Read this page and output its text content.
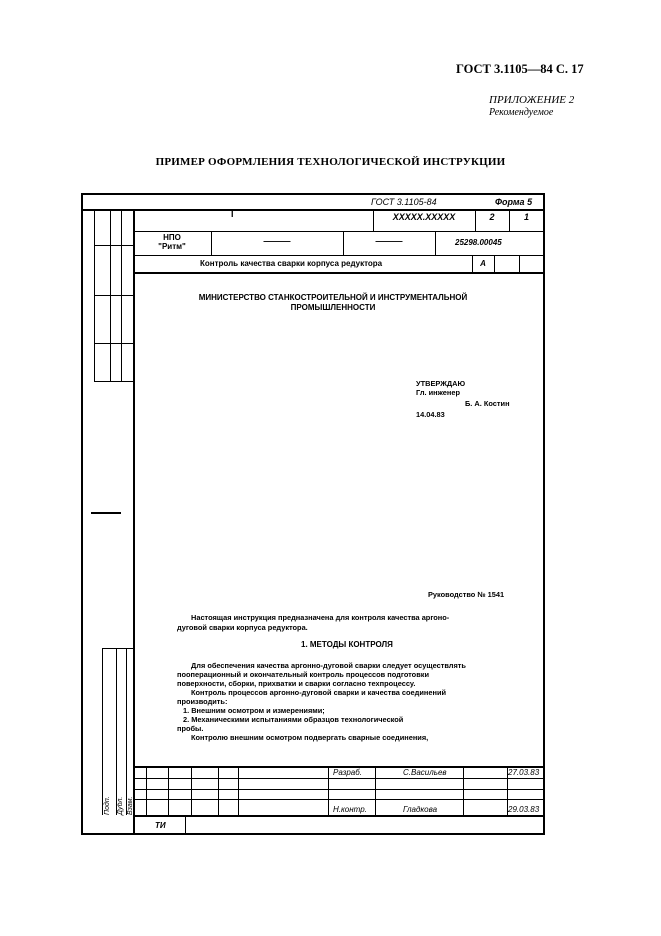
ГОСТ 3.1105—84 С. 17
ПРИЛОЖЕНИЕ 2
Рекомендуемое
ПРИМЕР ОФОРМЛЕНИЯ ТЕХНОЛОГИЧЕСКОЙ ИНСТРУКЦИИ
ГОСТ 3.1105-84	Форма 5
Подп. Дубл. Взам.
I	XXXXX.XXXXX	2	1
НПО
"Ритм"
———	———	25298.00045
Контроль качества сварки корпуса редуктора	А
МИНИСТЕРСТВО СТАНКОСТРОИТЕЛЬНОЙ И ИНСТРУМЕНТАЛЬНОЙ ПРОМЫШЛЕННОСТИ
УТВЕРЖДАЮ
Гл. инженер
Б. А. Костин
14.04.83
Руководство № 1541
Настоящая инструкция предназначена для контроля качества аргоно-
дуговой сварки корпуса редуктора.
1. МЕТОДЫ КОНТРОЛЯ
Для обеспечения качества аргонно-дуговой сварки следует осуществлять
пооперационный и окончательный контроль процессов подготовки
поверхности, сборки, прихватки и сварки согласно техпроцессу.
Контроль процессов аргонно-дуговой сварки и качества соединений
производить:
1. Внешним осмотром и измерениями;
2. Механическими испытаниями образцов технологической
пробы.
Контролю внешним осмотром подвергать сварные соединения,
Разраб.	С.Васильев	27.03.83
Н.контр.	Гладкова	29.03.83
ТИ
